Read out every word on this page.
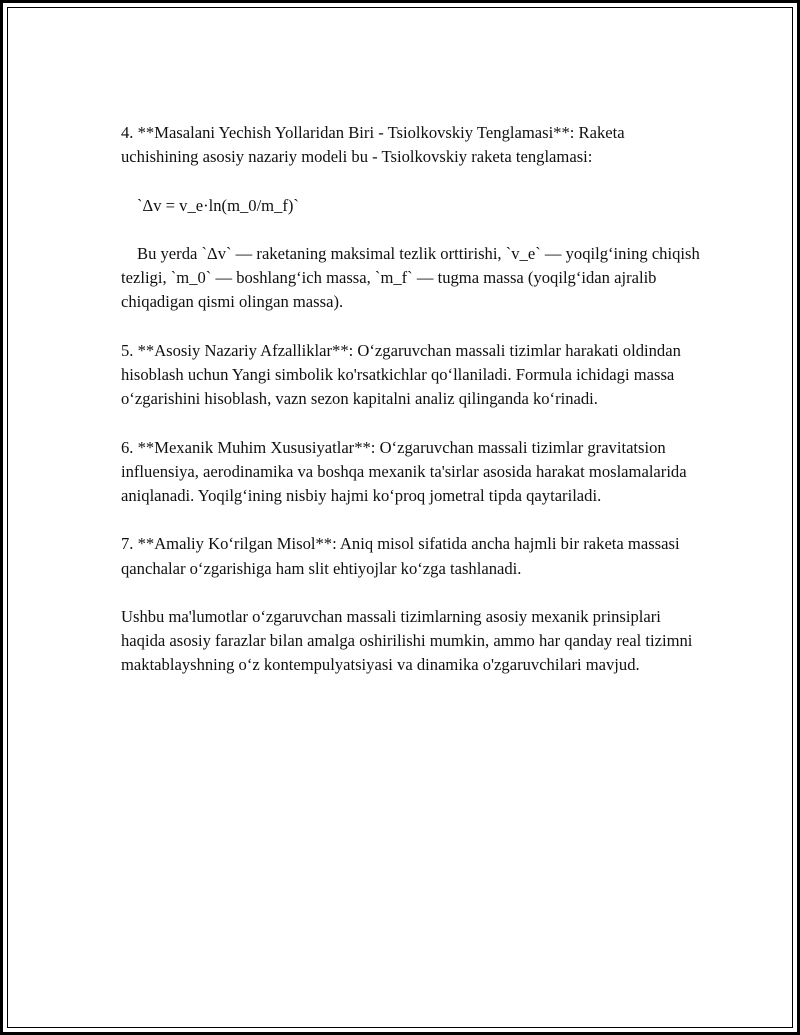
4. **Masalani Yechish Yollaridan Biri - Tsiolkovskiy Tenglamasi**: Raketa uchishining asosiy nazariy modeli bu - Tsiolkovskiy raketa tenglamasi:

`Δv = v_e·ln(m_0/m_f)`

Bu yerda `Δv` — raketaning maksimal tezlik orttirishi, `v_e` — yoqilgʻining chiqish tezligi, `m_0` — boshlangʻich massa, `m_f` — tugma massa (yoqilgʻidan ajralib chiqadigan qismi olingan massa).

5. **Asosiy Nazariy Afzalliklar**: Oʻzgaruvchan massali tizimlar harakati oldindan hisoblash uchun Yangi simbolik ko'rsatkichlar qoʻllaniladi. Formula ichidagi massa oʻzgarishini hisoblash, vazn sezon kapitalni analiz qilinganda koʻrinadi.

6. **Mexanik Muhim Xususiyatlar**: Oʻzgaruvchan massali tizimlar gravitatsion influensiya, aerodinamika va boshqa mexanik ta'sirlar asosida harakat moslamalarida aniqlanadi. Yoqilgʻining nisbiy hajmi koʻproq jometral tipda qaytariladi.

7. **Amaliy Koʻrilgan Misol**: Aniq misol sifatida ancha hajmli bir raketa massasi qanchalar oʻzgarishiga ham slit ehtiyojlar koʻzga tashlanadi.

Ushbu ma'lumotlar oʻzgaruvchan massali tizimlarning asosiy mexanik prinsiplari haqida asosiy farazlar bilan amalga oshirilishi mumkin, ammo har qanday real tizimni maktablayshning oʻz kontempulyatsiyasi va dinamika o'zgaruvchilari mavjud.
